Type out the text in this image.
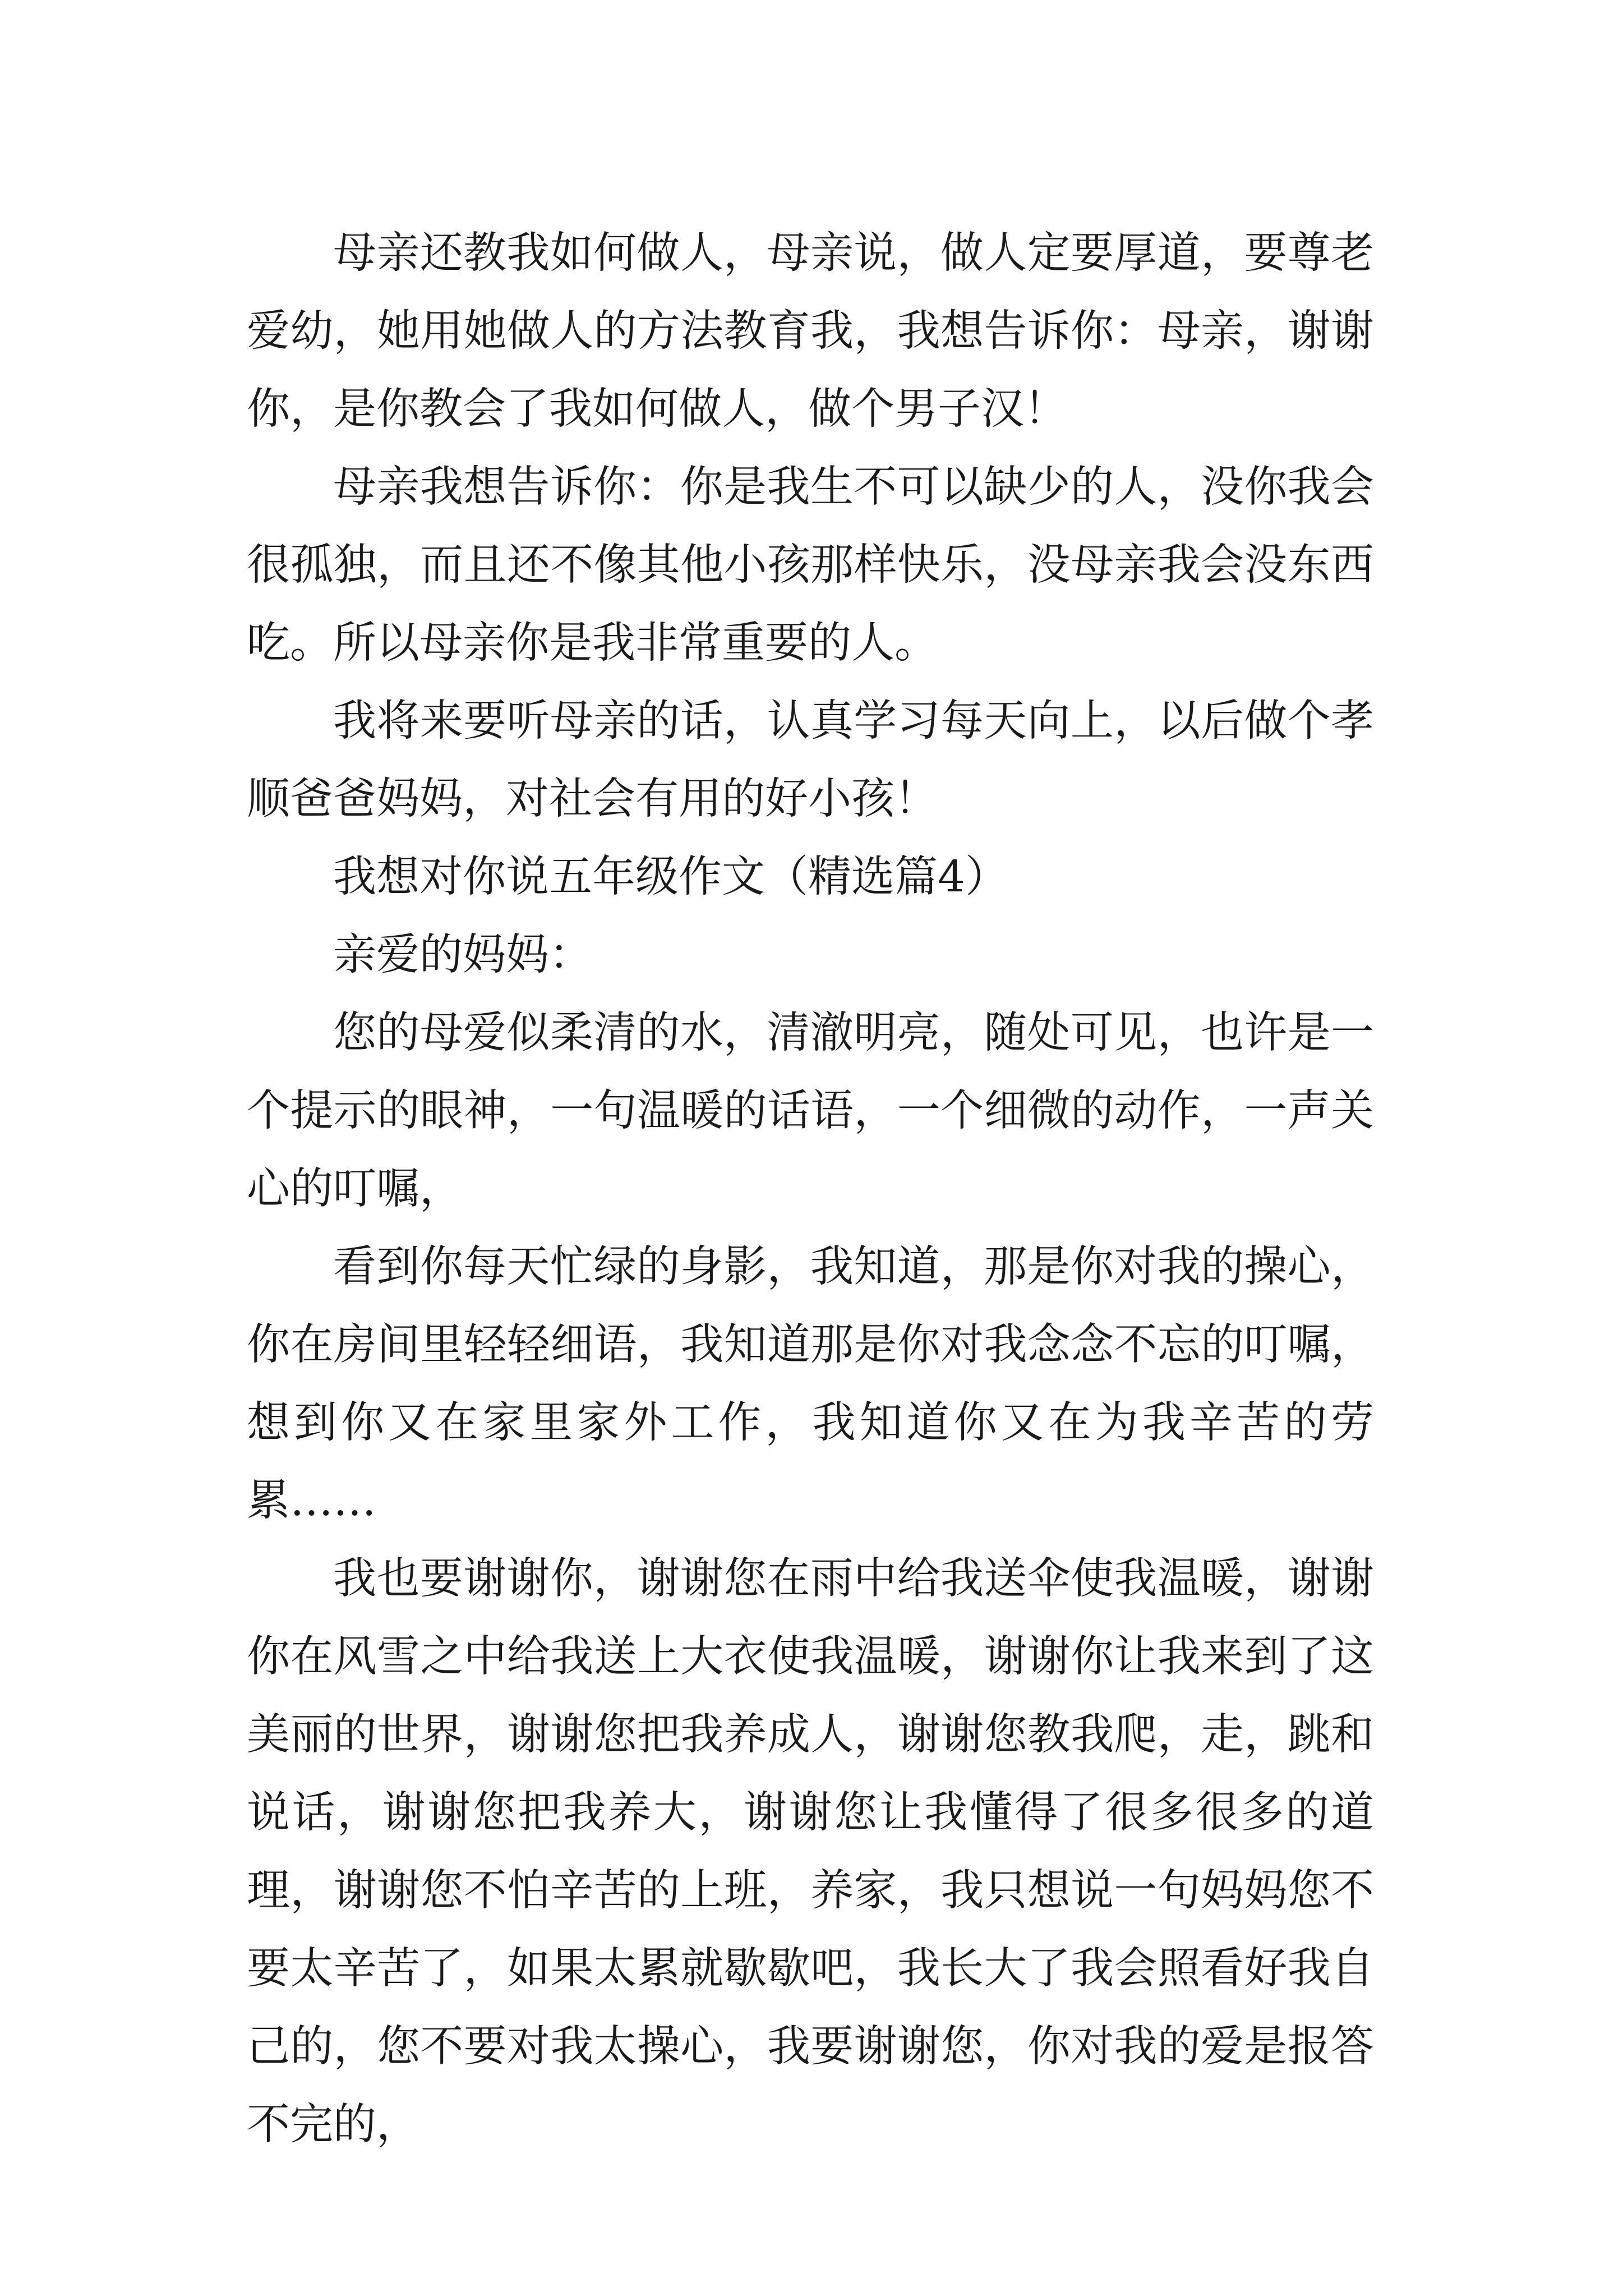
母亲还教我如何做人，母亲说，做人定要厚道，要尊老爱幼，她用她做人的方法教育我，我想告诉你：母亲，谢谢你，是你教会了我如何做人，做个男子汉！

母亲我想告诉你：你是我生不可以缺少的人，没你我会很孤独，而且还不像其他小孩那样快乐，没母亲我会没东西吃。所以母亲你是我非常重要的人。

我将来要听母亲的话，认真学习每天向上，以后做个孝顺爸爸妈妈，对社会有用的好小孩！

我想对你说五年级作文（精选篇4）

亲爱的妈妈：

您的母爱似柔清的水，清澈明亮，随处可见，也许是一个提示的眼神，一句温暖的话语，一个细微的动作，一声关心的叮嘱，

看到你每天忙绿的身影，我知道，那是你对我的操心，你在房间里轻轻细语，我知道那是你对我念念不忘的叮嘱，想到你又在家里家外工作，我知道你又在为我辛苦的劳累……

我也要谢谢你，谢谢您在雨中给我送伞使我温暖，谢谢你在风雪之中给我送上大衣使我温暖，谢谢你让我来到了这美丽的世界，谢谢您把我养成人，谢谢您教我爬，走，跳和说话，谢谢您把我养大，谢谢您让我懂得了很多很多的道理，谢谢您不怕辛苦的上班，养家，我只想说一句妈妈您不要太辛苦了，如果太累就歇歇吧，我长大了我会照看好我自己的，您不要对我太操心，我要谢谢您，你对我的爱是报答不完的，
